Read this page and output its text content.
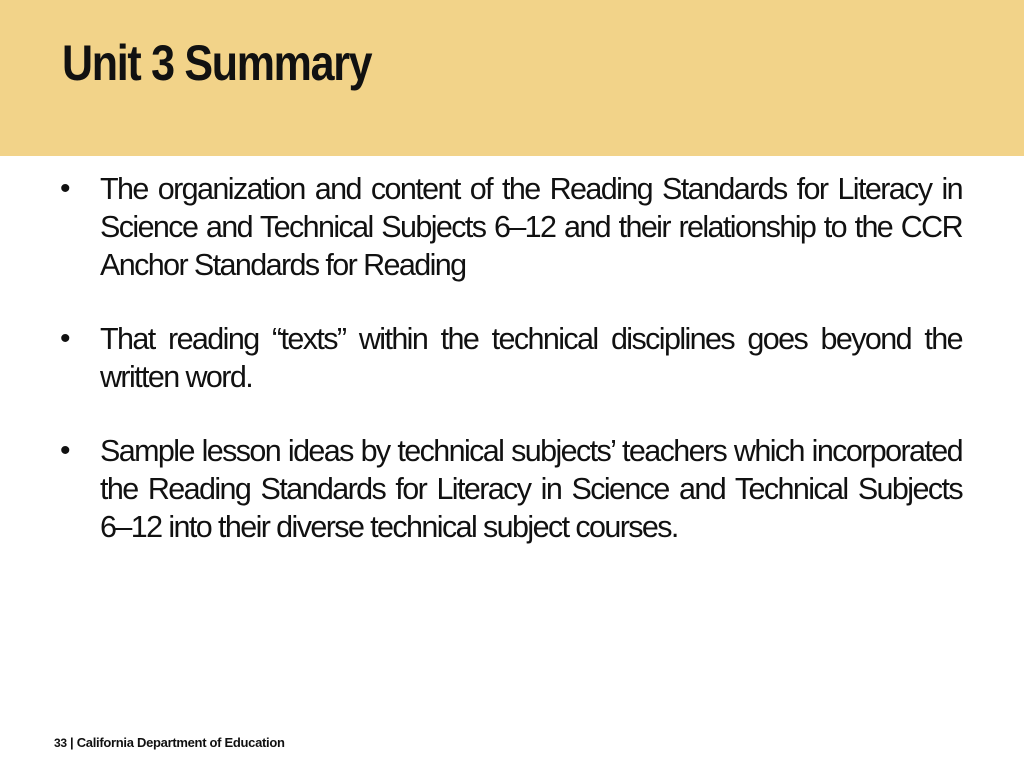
Unit 3 Summary
• The organization and content of the Reading Standards for Literacy in Science and Technical Subjects 6–12 and their relationship to the CCR Anchor Standards for Reading
• That reading “texts” within the technical disciplines goes beyond the written word.
• Sample lesson ideas by technical subjects’ teachers which incorporated the Reading Standards for Literacy in Science and Technical Subjects 6–12 into their diverse technical subject courses.
33 | California Department of Education
